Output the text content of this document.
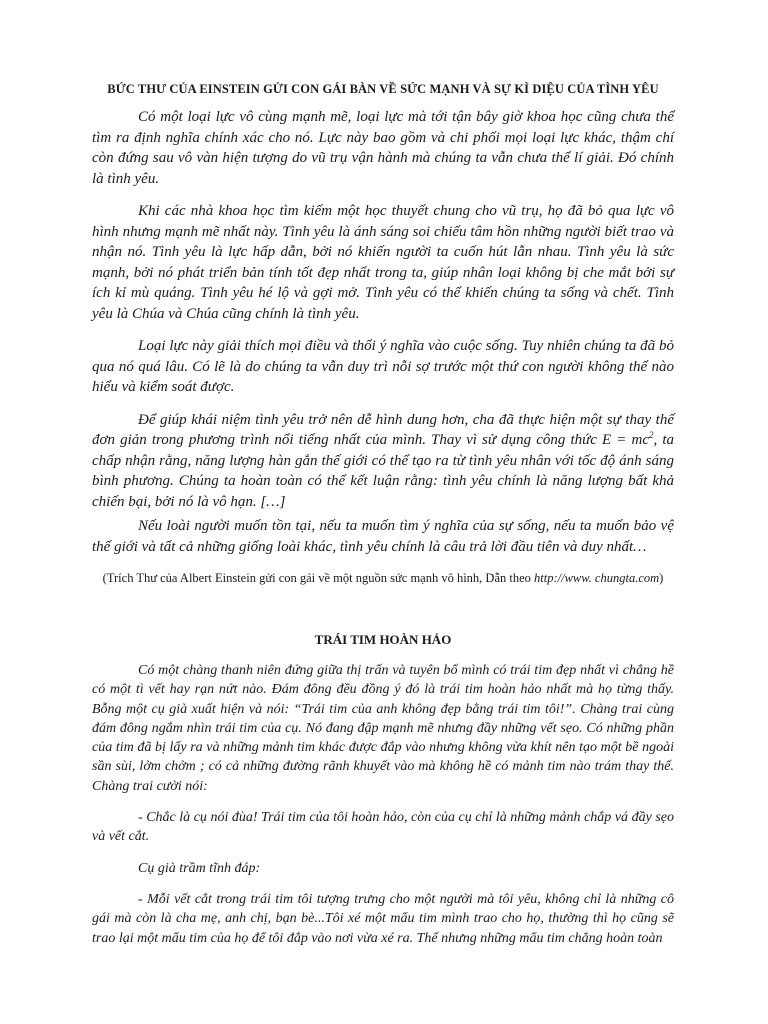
BỨC THƯ CỦA EINSTEIN GỬI CON GÁI BÀN VỀ SỨC MẠNH VÀ SỰ KÌ DIỆU CỦA TÌNH YÊU

Có một loại lực vô cùng mạnh mẽ, loại lực mà tới tận bây giờ khoa học cũng chưa thể tìm ra định nghĩa chính xác cho nó. Lực này bao gồm và chi phối mọi loại lực khác, thậm chí còn đứng sau vô vàn hiện tượng do vũ trụ vận hành mà chúng ta vẫn chưa thể lí giải. Đó chính là tình yêu.

Khi các nhà khoa học tìm kiếm một học thuyết chung cho vũ trụ, họ đã bỏ qua lực vô hình nhưng mạnh mẽ nhất này. Tình yêu là ánh sáng soi chiếu tâm hồn những người biết trao và nhận nó. Tình yêu là lực hấp dẫn, bởi nó khiến người ta cuốn hút lẫn nhau. Tình yêu là sức mạnh, bởi nó phát triển bản tính tốt đẹp nhất trong ta, giúp nhân loại không bị che mắt bởi sự ích kỉ mù quáng. Tình yêu hé lộ và gợi mở. Tình yêu có thể khiến chúng ta sống và chết. Tình yêu là Chúa và Chúa cũng chính là tình yêu.

Loại lực này giải thích mọi điều và thổi ý nghĩa vào cuộc sống. Tuy nhiên chúng ta đã bỏ qua nó quá lâu. Có lẽ là do chúng ta vẫn duy trì nỗi sợ trước một thứ con người không thể nào hiểu và kiểm soát được.

Để giúp khái niệm tình yêu trở nên dễ hình dung hơn, cha đã thực hiện một sự thay thế đơn giản trong phương trình nổi tiếng nhất của mình. Thay vì sử dụng công thức $E = mc^2$, ta chấp nhận rằng, năng lượng hàn gắn thế giới có thể tạo ra từ tình yêu nhân với tốc độ ánh sáng bình phương. Chúng ta hoàn toàn có thể kết luận rằng: tình yêu chính là năng lượng bất khả chiến bại, bởi nó là vô hạn. […]

Nếu loài người muốn tồn tại, nếu ta muốn tìm ý nghĩa của sự sống, nếu ta muốn bảo vệ thế giới và tất cả những giống loài khác, tình yêu chính là câu trả lời đầu tiên và duy nhất…

(Trích Thư của Albert Einstein gửi con gái về một nguồn sức mạnh vô hình, Dẫn theo http://www. chungta.com)
TRÁI TIM HOÀN HẢO

Có một chàng thanh niên đứng giữa thị trấn và tuyên bố mình có trái tim đẹp nhất vì chẳng hề có một tì vết hay rạn nứt nào. Đám đông đều đồng ý đó là trái tim hoàn hảo nhất mà họ từng thấy. Bỗng một cụ già xuất hiện và nói: “Trái tim của anh không đẹp bằng trái tim tôi!”. Chàng trai cùng đám đông ngắm nhìn trái tim của cụ. Nó đang đập mạnh mẽ nhưng đầy những vết sẹo. Có những phần của tim đã bị lấy ra và những mảnh tim khác được đắp vào nhưng không vừa khít nên tạo một bề ngoài sần sùi, lởm chởm ; có cả những đường rãnh khuyết vào mà không hề có mảnh tim nào trám thay thế. Chàng trai cười nói:

- Chắc là cụ nói đùa! Trái tim của tôi hoàn hảo, còn của cụ chỉ là những mảnh chắp vá đầy sẹo và vết cắt.

Cụ già trầm tĩnh đáp:

- Mỗi vết cắt trong trái tim tôi tượng trưng cho một người mà tôi yêu, không chỉ là những cô gái mà còn là cha mẹ, anh chị, bạn bè...Tôi xé một mẩu tim mình trao cho họ, thường thì họ cũng sẽ trao lại một mẩu tim của họ để tôi đắp vào nơi vừa xé ra. Thế nhưng những mẩu tim chẳng hoàn toàn
